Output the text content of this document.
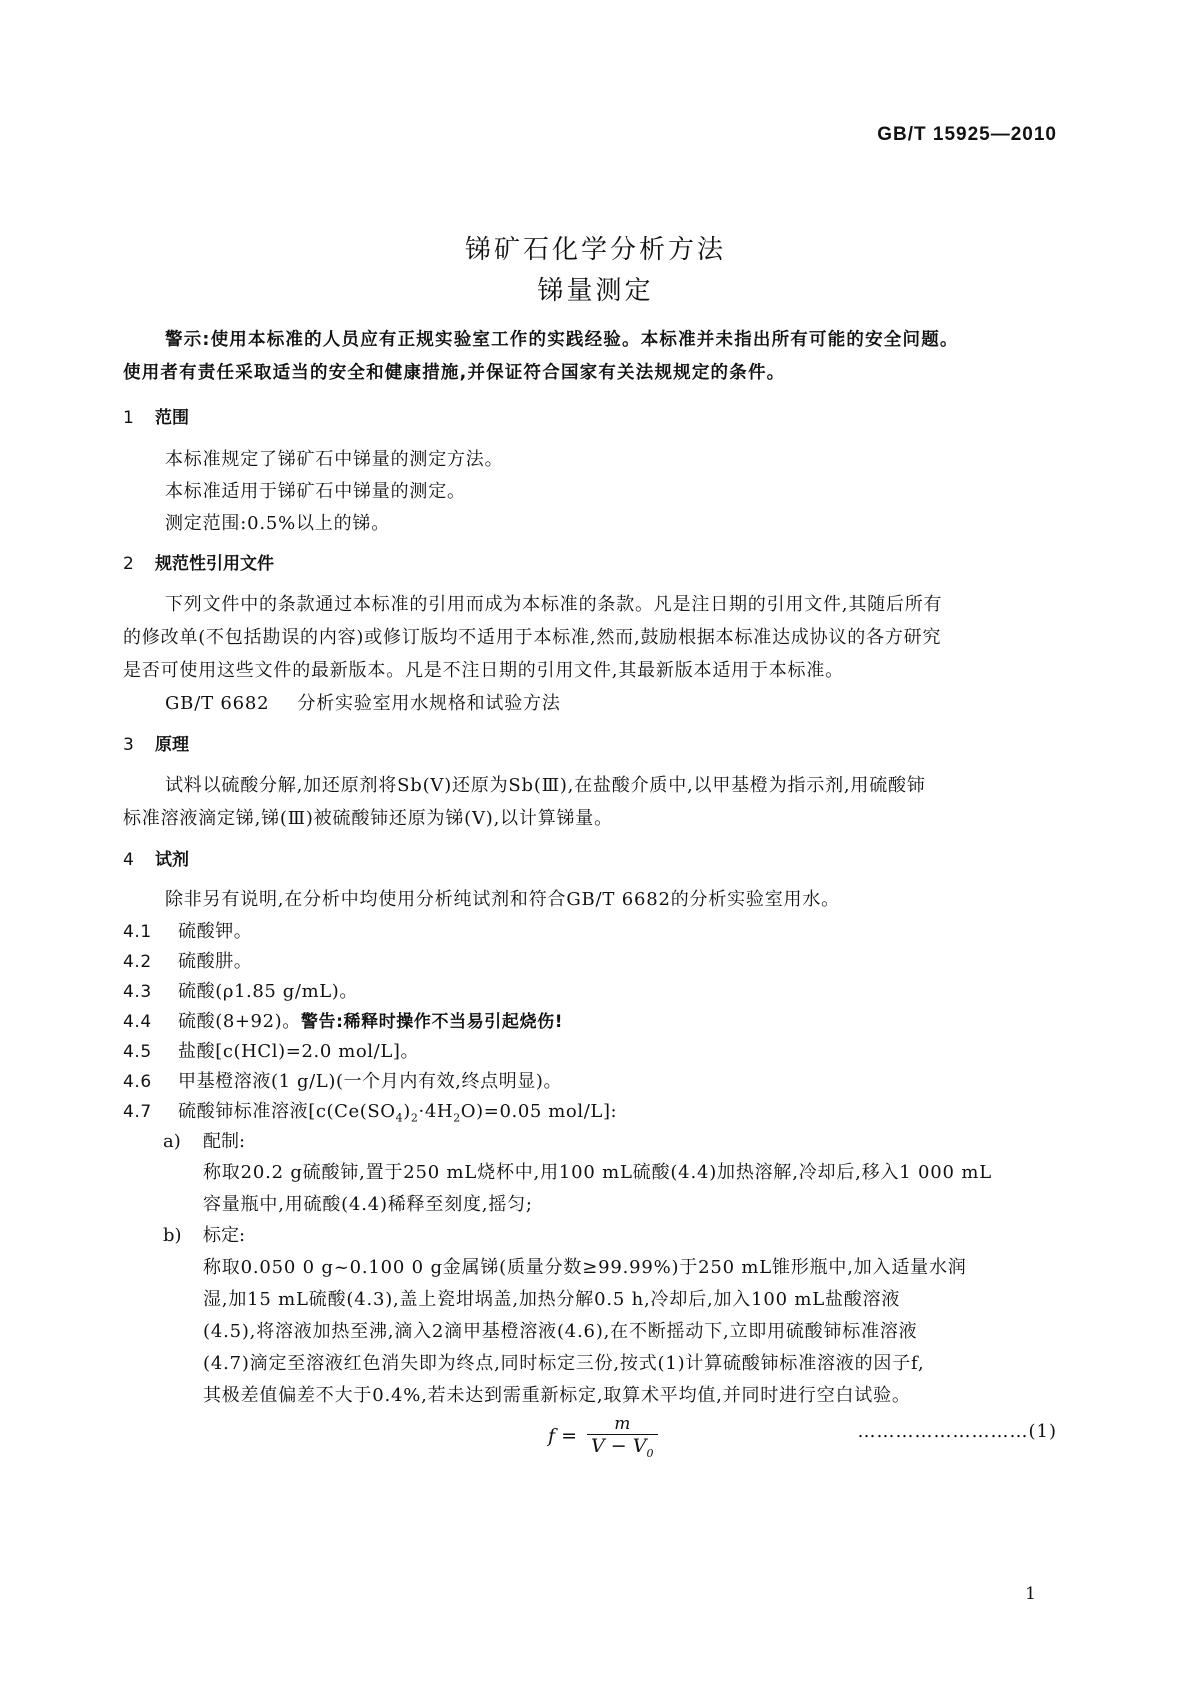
GB/T 15925—2010
锑矿石化学分析方法
锑量测定
警示:使用本标准的人员应有正规实验室工作的实践经验。本标准并未指出所有可能的安全问题。
使用者有责任采取适当的安全和健康措施,并保证符合国家有关法规规定的条件。
1 范围
本标准规定了锑矿石中锑量的测定方法。
本标准适用于锑矿石中锑量的测定。
测定范围:0.5%以上的锑。
2 规范性引用文件
下列文件中的条款通过本标准的引用而成为本标准的条款。凡是注日期的引用文件,其随后所有
的修改单(不包括勘误的内容)或修订版均不适用于本标准,然而,鼓励根据本标准达成协议的各方研究
是否可使用这些文件的最新版本。凡是不注日期的引用文件,其最新版本适用于本标准。
GB/T 6682 分析实验室用水规格和试验方法
3 原理
试料以硫酸分解,加还原剂将Sb(Ⅴ)还原为Sb(Ⅲ),在盐酸介质中,以甲基橙为指示剂,用硫酸铈
标准溶液滴定锑,锑(Ⅲ)被硫酸铈还原为锑(Ⅴ),以计算锑量。
4 试剂
除非另有说明,在分析中均使用分析纯试剂和符合GB/T 6682的分析实验室用水。
4.1 硫酸钾。
4.2 硫酸肼。
4.3 硫酸(ρ1.85 g/mL)。
4.4 硫酸(8+92)。警告:稀释时操作不当易引起烧伤!
4.5 盐酸[c(HCl)=2.0 mol/L]。
4.6 甲基橙溶液(1 g/L)(一个月内有效,终点明显)。
4.7 硫酸铈标准溶液[$c(Ce(SO_4)_2\cdot 4H_2O)=0.05$ mol/L]:
a) 配制:
称取20.2 g硫酸铈,置于250 mL烧杯中,用100 mL硫酸(4.4)加热溶解,冷却后,移入1 000 mL
容量瓶中,用硫酸(4.4)稀释至刻度,摇匀;
b) 标定:
称取0.050 0 g~0.100 0 g金属锑(质量分数≥99.99%)于250 mL锥形瓶中,加入适量水润
湿,加15 mL硫酸(4.3),盖上瓷坩埚盖,加热分解0.5 h,冷却后,加入100 mL盐酸溶液
(4.5),将溶液加热至沸,滴入2滴甲基橙溶液(4.6),在不断摇动下,立即用硫酸铈标准溶液
(4.7)滴定至溶液红色消失即为终点,同时标定三份,按式(1)计算硫酸铈标准溶液的因子f,
其极差值偏差不大于0.4%,若未达到需重新标定,取算术平均值,并同时进行空白试验。
$f = \frac{m}{V - V_0}$	………………………(1)
1
